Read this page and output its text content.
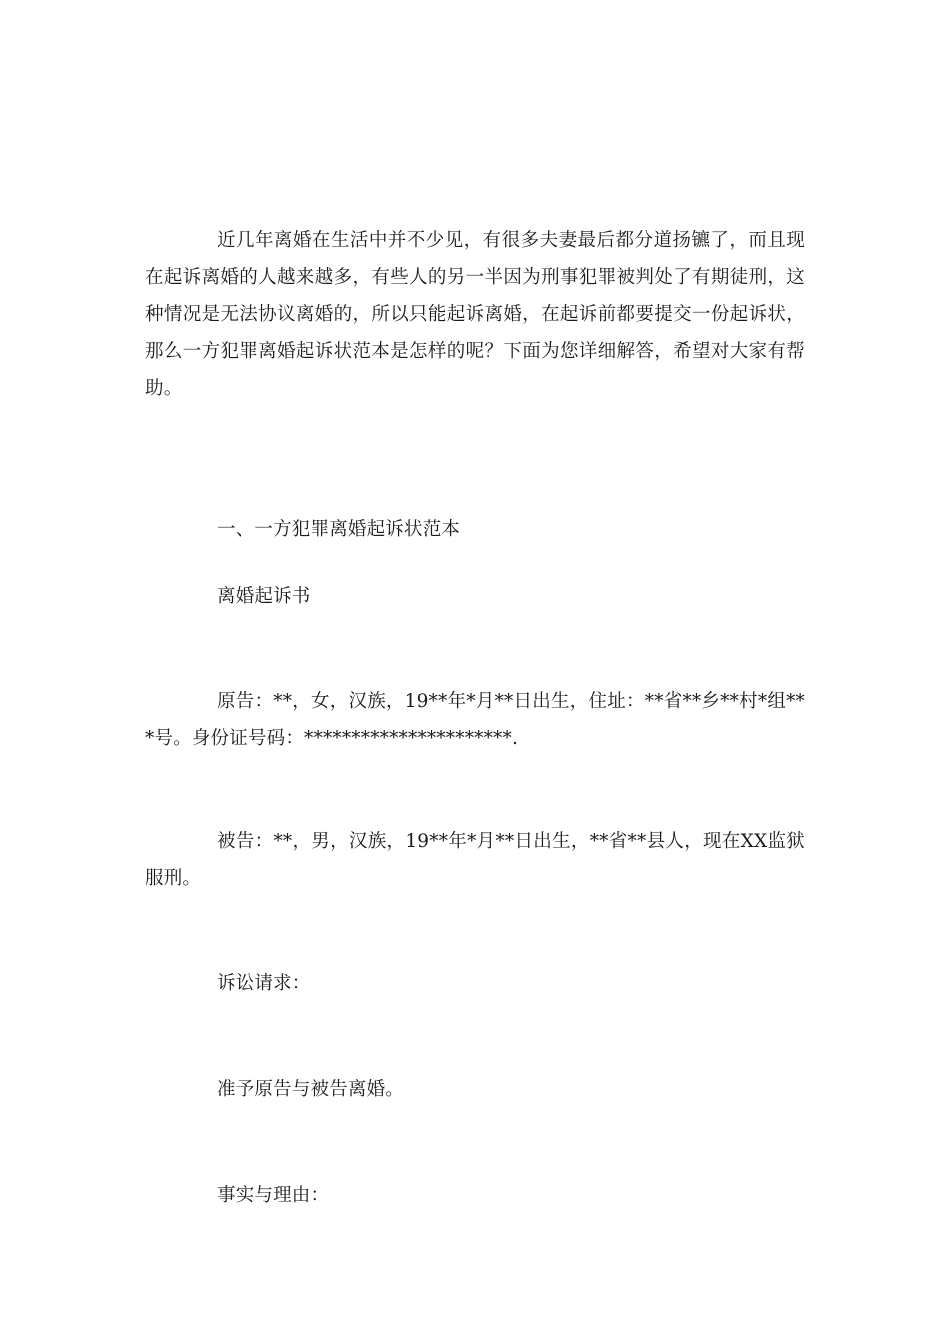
近几年离婚在生活中并不少见，有很多夫妻最后都分道扬镳了，而且现在起诉离婚的人越来越多，有些人的另一半因为刑事犯罪被判处了有期徒刑，这种情况是无法协议离婚的，所以只能起诉离婚，在起诉前都要提交一份起诉状，那么一方犯罪离婚起诉状范本是怎样的呢？下面为您详细解答，希望对大家有帮助。

一、一方犯罪离婚起诉状范本

离婚起诉书

原告：**，女，汉族，19**年*月**日出生，住址：**省**乡**村*组***号。身份证号码：**********************.

被告：**，男，汉族，19**年*月**日出生，**省**县人，现在XX监狱服刑。

诉讼请求：

准予原告与被告离婚。

事实与理由：
